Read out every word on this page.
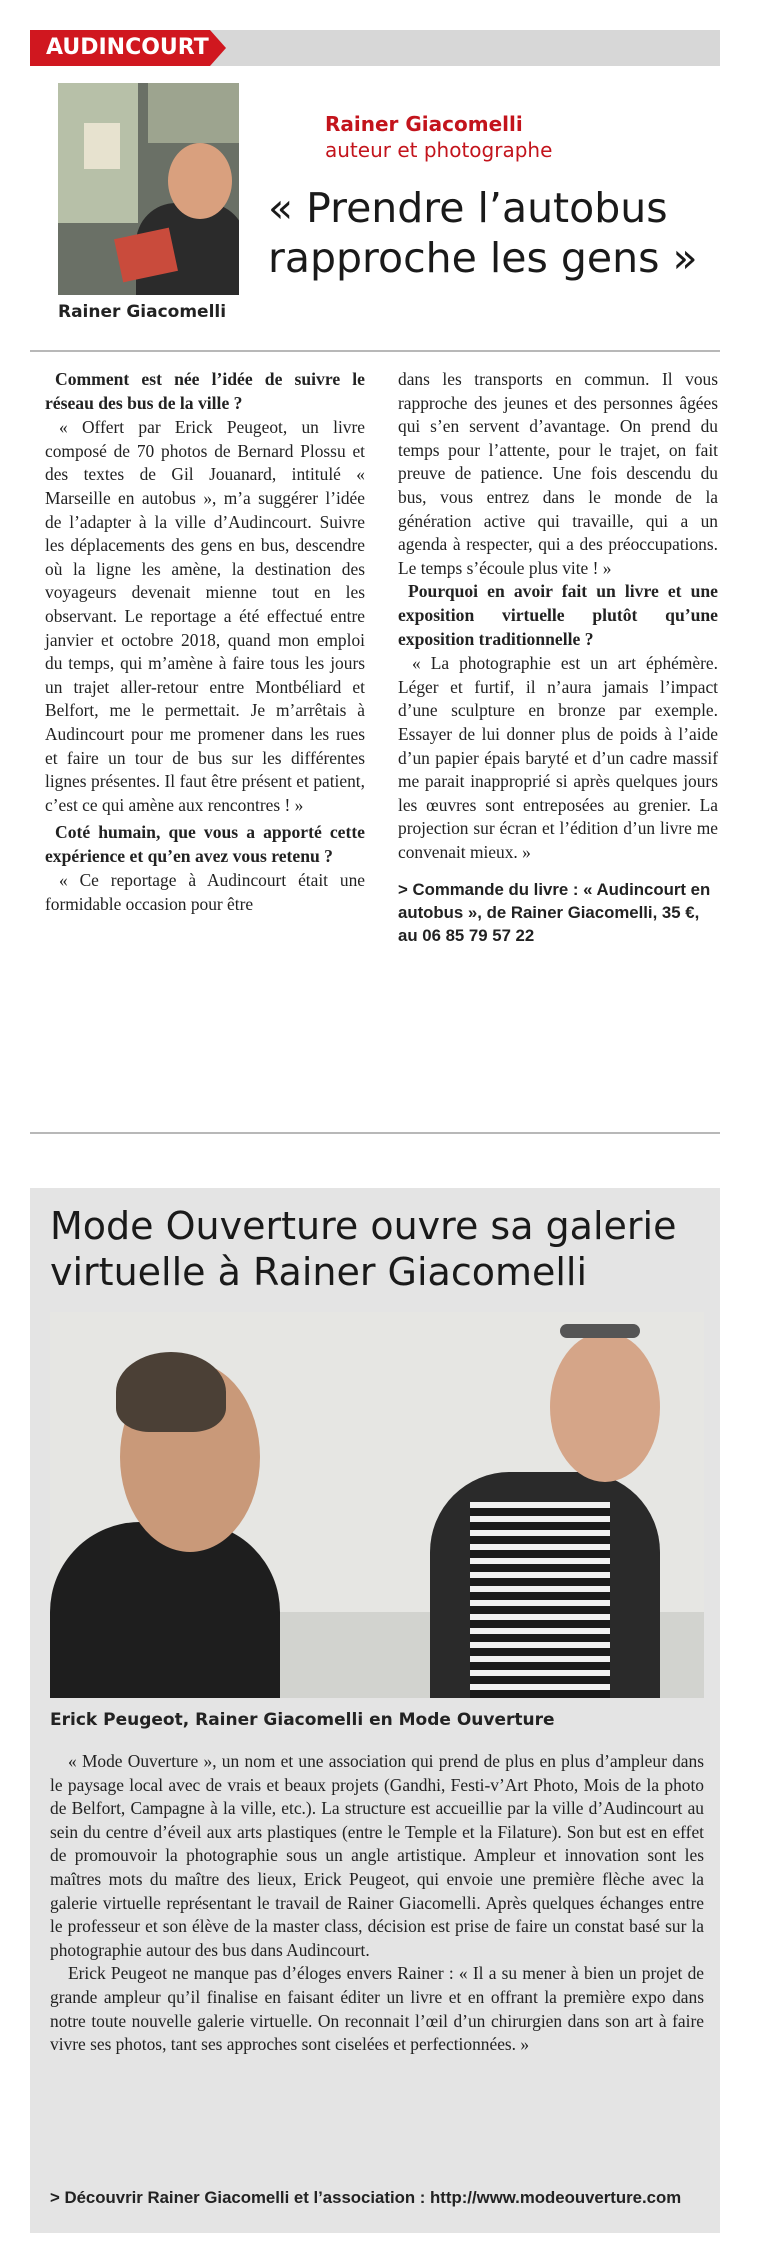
AUDINCOURT
Rainer Giacomelli
Rainer Giacomelli
auteur et photographe
« Prendre l’autobus rapproche les gens »

Comment est née l’idée de suivre le réseau des bus de la ville ?

« Offert par Erick Peugeot, un livre composé de 70 photos de Bernard Plossu et des textes de Gil Jouanard, intitulé « Marseille en autobus », m’a suggérer l’idée de l’adapter à la ville d’Audincourt. Suivre les déplacements des gens en bus, descendre où la ligne les amène, la destination des voyageurs devenait mienne tout en les observant. Le reportage a été effectué entre janvier et octobre 2018, quand mon emploi du temps, qui m’amène à faire tous les jours un trajet aller-retour entre Montbéliard et Belfort, me le permettait. Je m’arrêtais à Audincourt pour me promener dans les rues et faire un tour de bus sur les différentes lignes présentes. Il faut être présent et patient, c’est ce qui amène aux rencontres ! »

Coté humain, que vous a apporté cette expérience et qu’en avez vous retenu ?

« Ce reportage à Audincourt était une formidable occasion pour être

dans les transports en commun. Il vous rapproche des jeunes et des personnes âgées qui s’en servent d’avantage. On prend du temps pour l’attente, pour le trajet, on fait preuve de patience. Une fois descendu du bus, vous entrez dans le monde de la génération active qui travaille, qui a un agenda à respecter, qui a des préoccupations. Le temps s’écoule plus vite ! »

Pourquoi en avoir fait un livre et une exposition virtuelle plutôt qu’une exposition traditionnelle ?

« La photographie est un art éphémère. Léger et furtif, il n’aura jamais l’impact d’une sculpture en bronze par exemple. Essayer de lui donner plus de poids à l’aide d’un papier épais baryté et d’un cadre massif me parait inapproprié si après quelques jours les œuvres sont entreposées au grenier. La projection sur écran et l’édition d’un livre me convenait mieux. »

> Commande du livre : « Audincourt en autobus », de Rainer Giacomelli, 35 €, au 06 85 79 57 22

Mode Ouverture ouvre sa galerie virtuelle à Rainer Giacomelli
Erick Peugeot, Rainer Giacomelli en Mode Ouverture

« Mode Ouverture », un nom et une association qui prend de plus en plus d’ampleur dans le paysage local avec de vrais et beaux projets (Gandhi, Festi-v’Art Photo, Mois de la photo de Belfort, Campagne à la ville, etc.). La structure est accueillie par la ville d’Audincourt au sein du centre d’éveil aux arts plastiques (entre le Temple et la Filature). Son but est en effet de promouvoir la photographie sous un angle artistique. Ampleur et innovation sont les maîtres mots du maître des lieux, Erick Peugeot, qui envoie une première flèche avec la galerie virtuelle représentant le travail de Rainer Giacomelli. Après quelques échanges entre le professeur et son élève de la master class, décision est prise de faire un constat basé sur la photographie autour des bus dans Audincourt.

Erick Peugeot ne manque pas d’éloges envers Rainer : « Il a su mener à bien un projet de grande ampleur qu’il finalise en faisant éditer un livre et en offrant la première expo dans notre toute nouvelle galerie virtuelle. On reconnait l’œil d’un chirurgien dans son art à faire vivre ses photos, tant ses approches sont ciselées et perfectionnées. »

> Découvrir Rainer Giacomelli et l’association : http://www.modeouverture.com
